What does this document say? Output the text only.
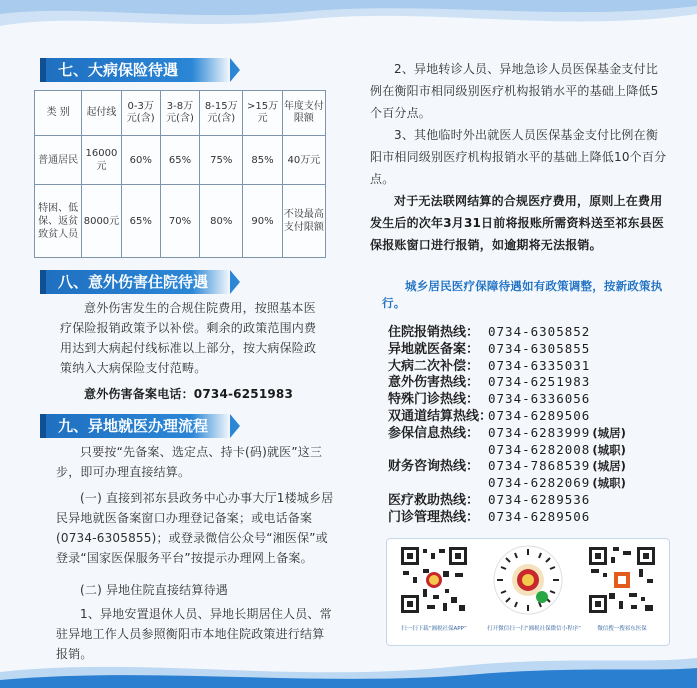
七、大病保险待遇
类 别	起付线	0-3万元(含)	3-8万元(含)	8-15万元(含)	>15万元	年度支付限额
普通居民	16000元	60%	65%	75%	85%	40万元
特困、低保、返贫致贫人员	8000元	65%	70%	80%	90%	不设最高支付限额
八、意外伤害住院待遇
意外伤害发生的合规住院费用，按照基本医疗保险报销政策予以补偿。剩余的政策范围内费用达到大病起付线标准以上部分，按大病保险政策纳入大病保险支付范畴。
意外伤害备案电话：0734-6251983
九、异地就医办理流程
只要按“先备案、选定点、持卡(码)就医”这三步，即可办理直接结算。
(一) 直接到祁东县政务中心办事大厅1楼城乡居民异地就医备案窗口办理登记备案；或电话备案(0734-6305855)；或登录微信公众号“湘医保”或登录“国家医保服务平台”按提示办理网上备案。
(二) 异地住院直接结算待遇
1、异地安置退休人员、异地长期居住人员、常驻异地工作人员参照衡阳市本地住院政策进行结算报销。
2、异地转诊人员、异地急诊人员医保基金支付比例在衡阳市相同级别医疗机构报销水平的基础上降低5个百分点。
3、其他临时外出就医人员医保基金支付比例在衡阳市相同级别医疗机构报销水平的基础上降低10个百分点。
对于无法联网结算的合规医疗费用，原则上在费用发生后的次年3月31日前将报账所需资料送至祁东县医保报账窗口进行报销，如逾期将无法报销。
城乡居民医疗保障待遇如有政策调整，按新政策执行。
住院报销热线： 0734-6305852
异地就医备案： 0734-6305855
大病二次补偿： 0734-6335031
意外伤害热线： 0734-6251983
特殊门诊热线： 0734-6336056
双通道结算热线：0734-6289506
参保信息热线： 0734-6283999 (城居)
0734-6282008 (城职)
财务咨询热线： 0734-7868539 (城居)
0734-6282069 (城职)
医疗救助热线： 0734-6289536
门诊管理热线： 0734-6289506
扫一扫下载“湘税社保APP”	打开微信扫一扫“湘税社保微信小程序”	微信搜一搜祁东医保
